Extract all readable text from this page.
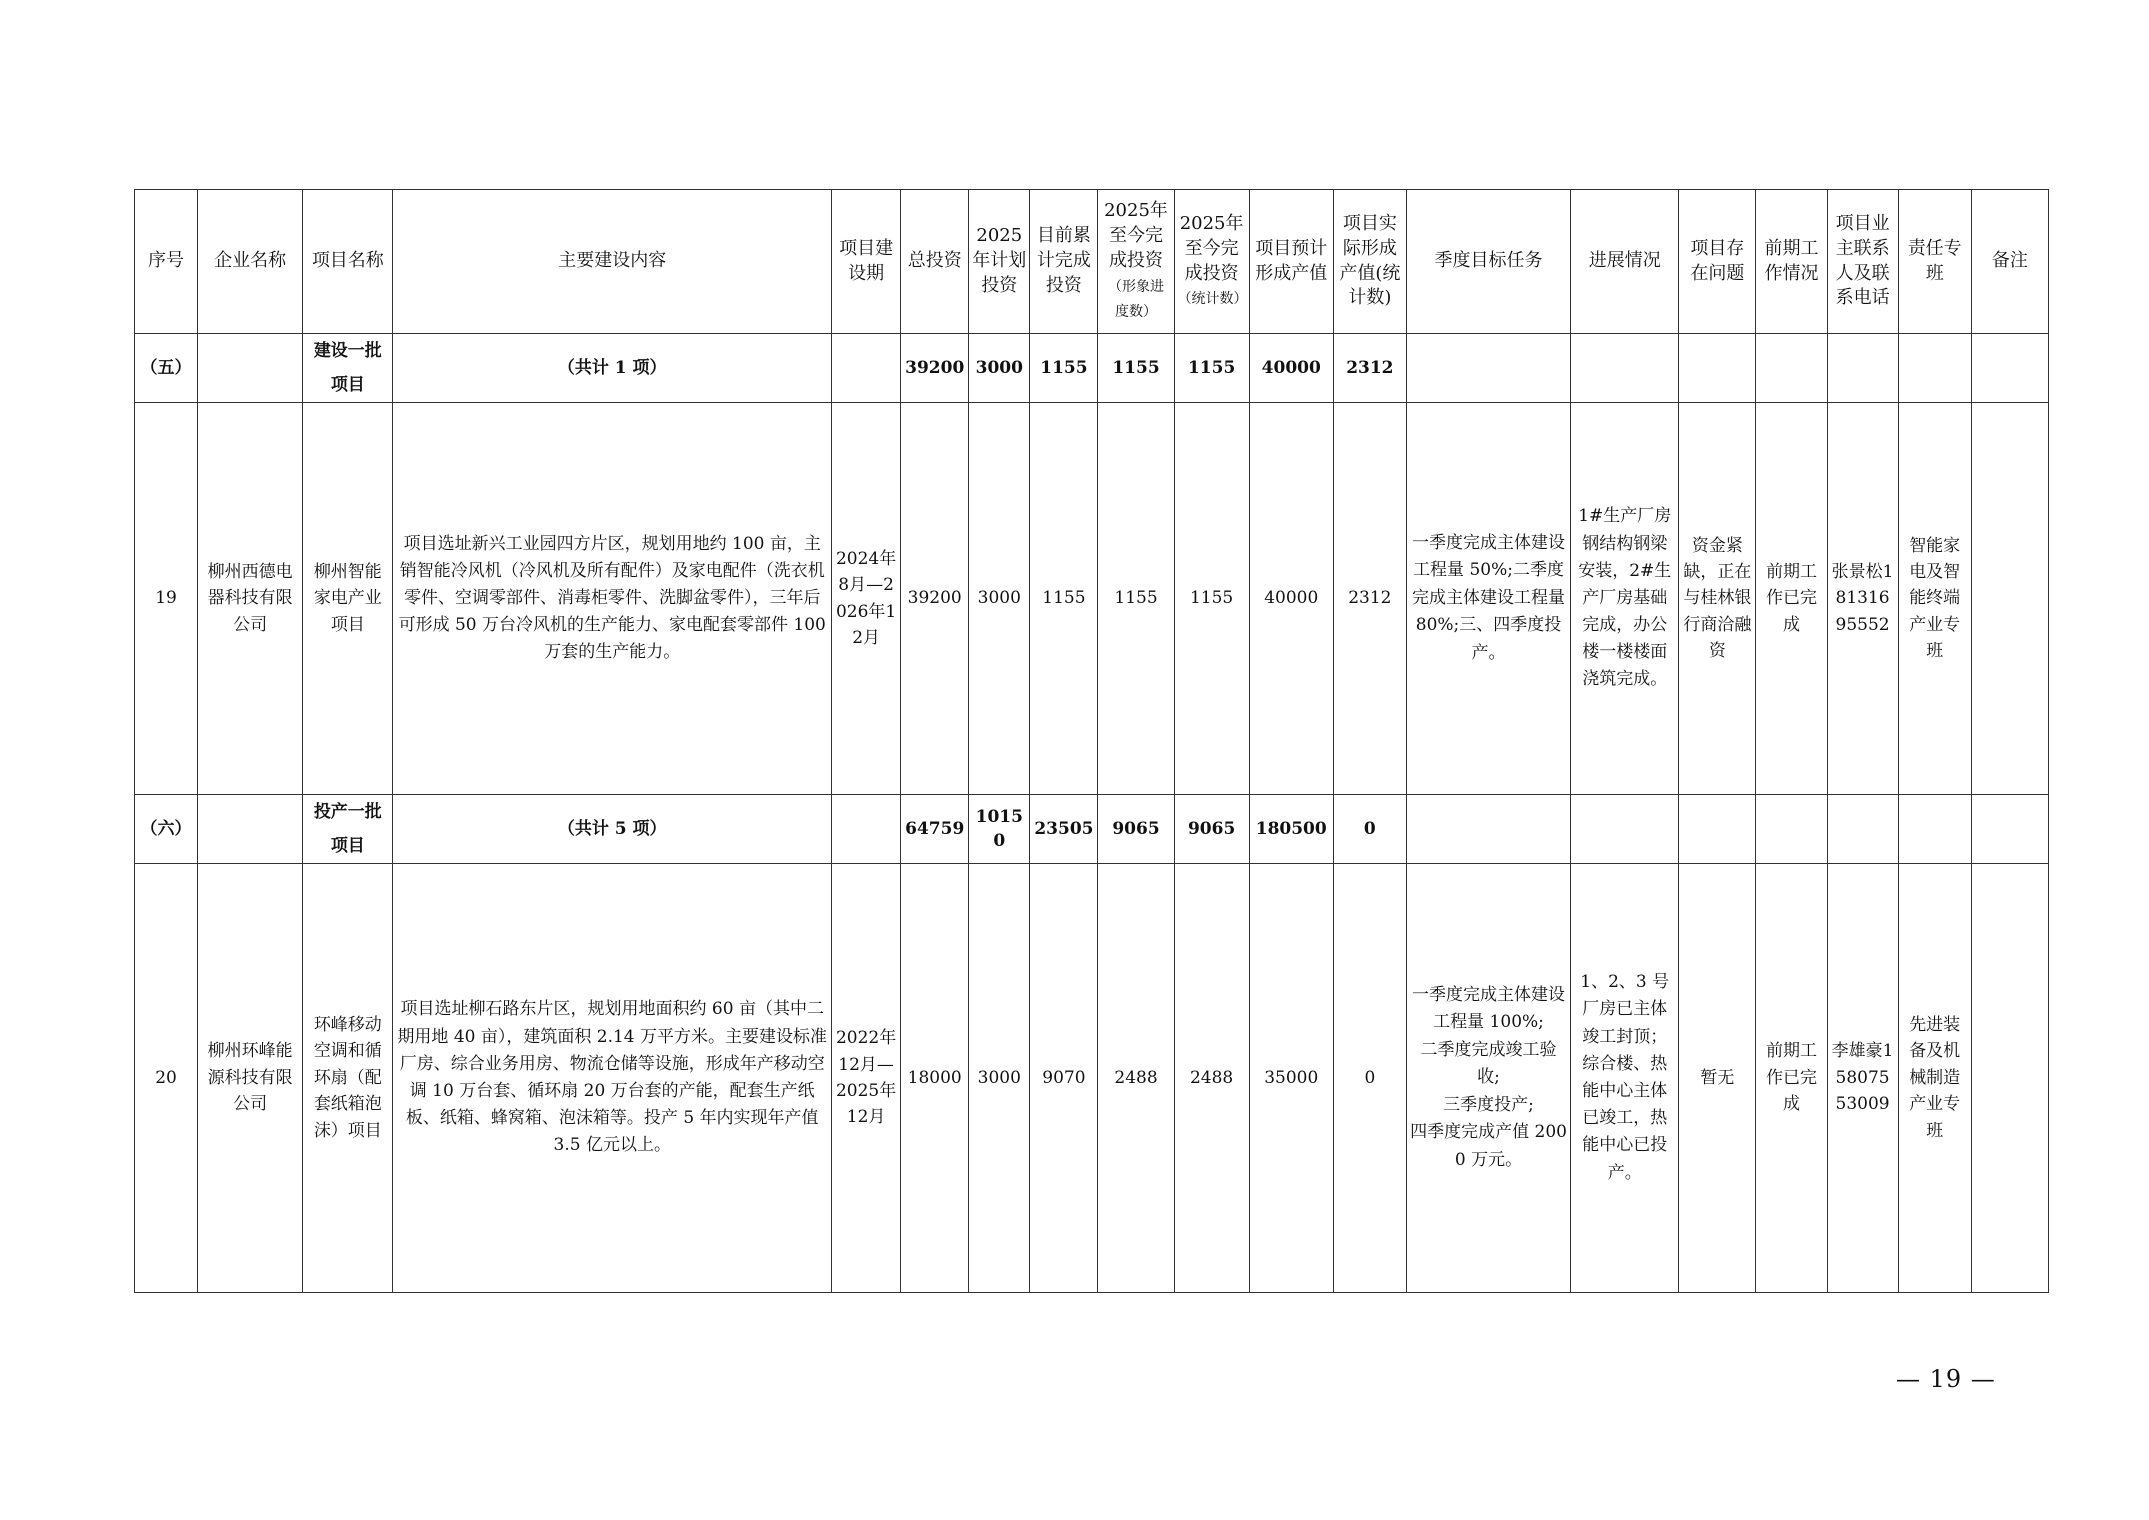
序号	企业名称	项目名称	主要建设内容	项目建设期	总投资	2025年计划投资	目前累计完成投资	2025年至今完成投资（形象进度数）	2025年至今完成投资（统计数）	项目预计形成产值	项目实际形成产值(统计数)	季度目标任务	进展情况	项目存在问题	前期工作情况	项目业主联系人及联系电话	责任专班	备注
（五）		建设一批项目	（共计 1 项）		39200	3000	1155	1155	1155	40000	2312							
19	柳州西德电器科技有限公司	柳州智能家电产业项目	项目选址新兴工业园四方片区，规划用地约 100 亩，主销智能冷风机（冷风机及所有配件）及家电配件（洗衣机零件、空调零部件、消毒柜零件、洗脚盆零件），三年后可形成 50 万台冷风机的生产能力、家电配套零部件 100 万套的生产能力。	2024年8月—2026年12月	39200	3000	1155	1155	1155	40000	2312	一季度完成主体建设工程量 50%;二季度完成主体建设工程量 80%;三、四季度投产。	1#生产厂房钢结构钢梁安装，2#生产厂房基础完成，办公楼一楼楼面浇筑完成。	资金紧缺，正在与桂林银行商洽融资	前期工作已完成	张景松18131695552	智能家电及智能终端产业专班	
（六）		投产一批项目	（共计 5 项）		64759	10150	23505	9065	9065	180500	0							
20	柳州环峰能源科技有限公司	环峰移动空调和循环扇（配套纸箱泡沫）项目	项目选址柳石路东片区，规划用地面积约 60 亩（其中二期用地 40 亩），建筑面积 2.14 万平方米。主要建设标准厂房、综合业务用房、物流仓储等设施，形成年产移动空调 10 万台套、循环扇 20 万台套的产能，配套生产纸板、纸箱、蜂窝箱、泡沫箱等。投产 5 年内实现年产值 3.5 亿元以上。	2022年12月—2025年12月	18000	3000	9070	2488	2488	35000	0	一季度完成主体建设工程量 100%;
二季度完成竣工验收;
三季度投产;
四季度完成产值 2000 万元。	1、2、3 号厂房已主体竣工封顶；综合楼、热能中心主体已竣工，热能中心已投产。	暂无	前期工作已完成	李雄豪15807553009	先进装备及机械制造产业专班	
— 19 —
